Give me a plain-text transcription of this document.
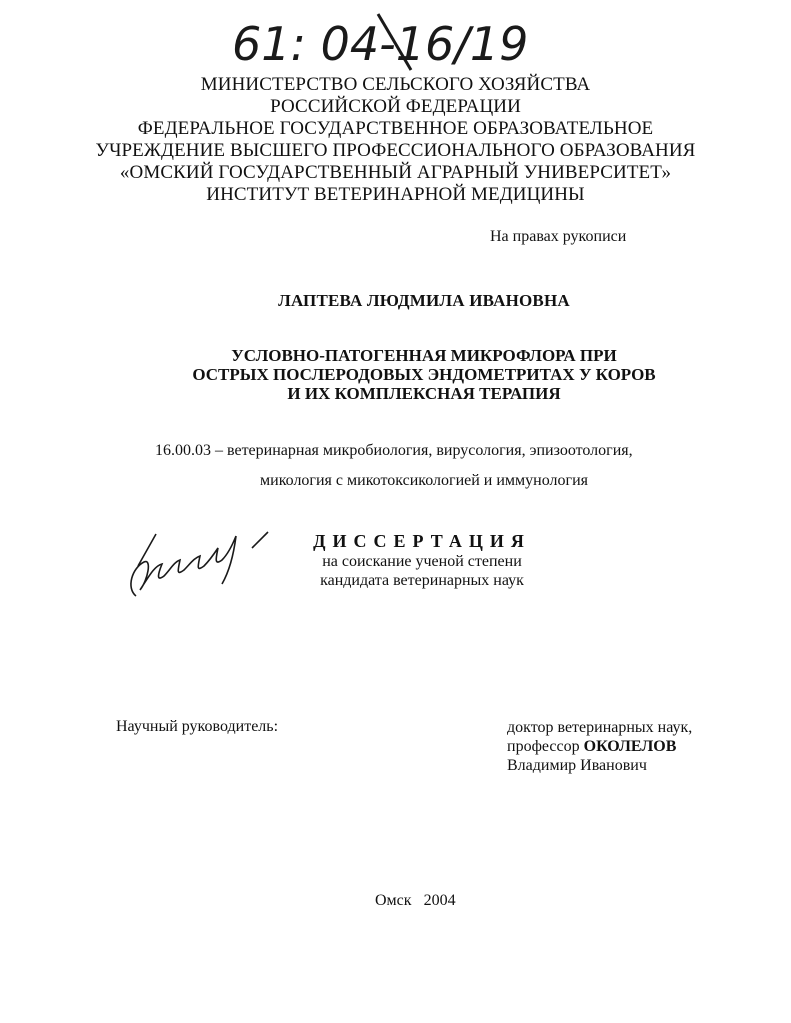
61: 04-16/193
МИНИСТЕРСТВО СЕЛЬСКОГО ХОЗЯЙСТВА
РОССИЙСКОЙ ФЕДЕРАЦИИ
ФЕДЕРАЛЬНОЕ ГОСУДАРСТВЕННОЕ ОБРАЗОВАТЕЛЬНОЕ
УЧРЕЖДЕНИЕ ВЫСШЕГО ПРОФЕССИОНАЛЬНОГО ОБРАЗОВАНИЯ
«ОМСКИЙ ГОСУДАРСТВЕННЫЙ АГРАРНЫЙ УНИВЕРСИТЕТ»
ИНСТИТУТ ВЕТЕРИНАРНОЙ МЕДИЦИНЫ
На правах рукописи
ЛАПТЕВА ЛЮДМИЛА ИВАНОВНА
УСЛОВНО-ПАТОГЕННАЯ МИКРОФЛОРА ПРИ
ОСТРЫХ ПОСЛЕРОДОВЫХ ЭНДОМЕТРИТАХ У КОРОВ
И ИХ КОМПЛЕКСНАЯ ТЕРАПИЯ
16.00.03 – ветеринарная микробиология, вирусология, эпизоотология,
микология с микотоксикологией и иммунология
ДИССЕРТАЦИЯ
на соискание ученой степени
кандидата ветеринарных наук
Научный руководитель:	доктор ветеринарных наук,
профессор ОКОЛЕЛОВ
Владимир Иванович
Омск 2004
